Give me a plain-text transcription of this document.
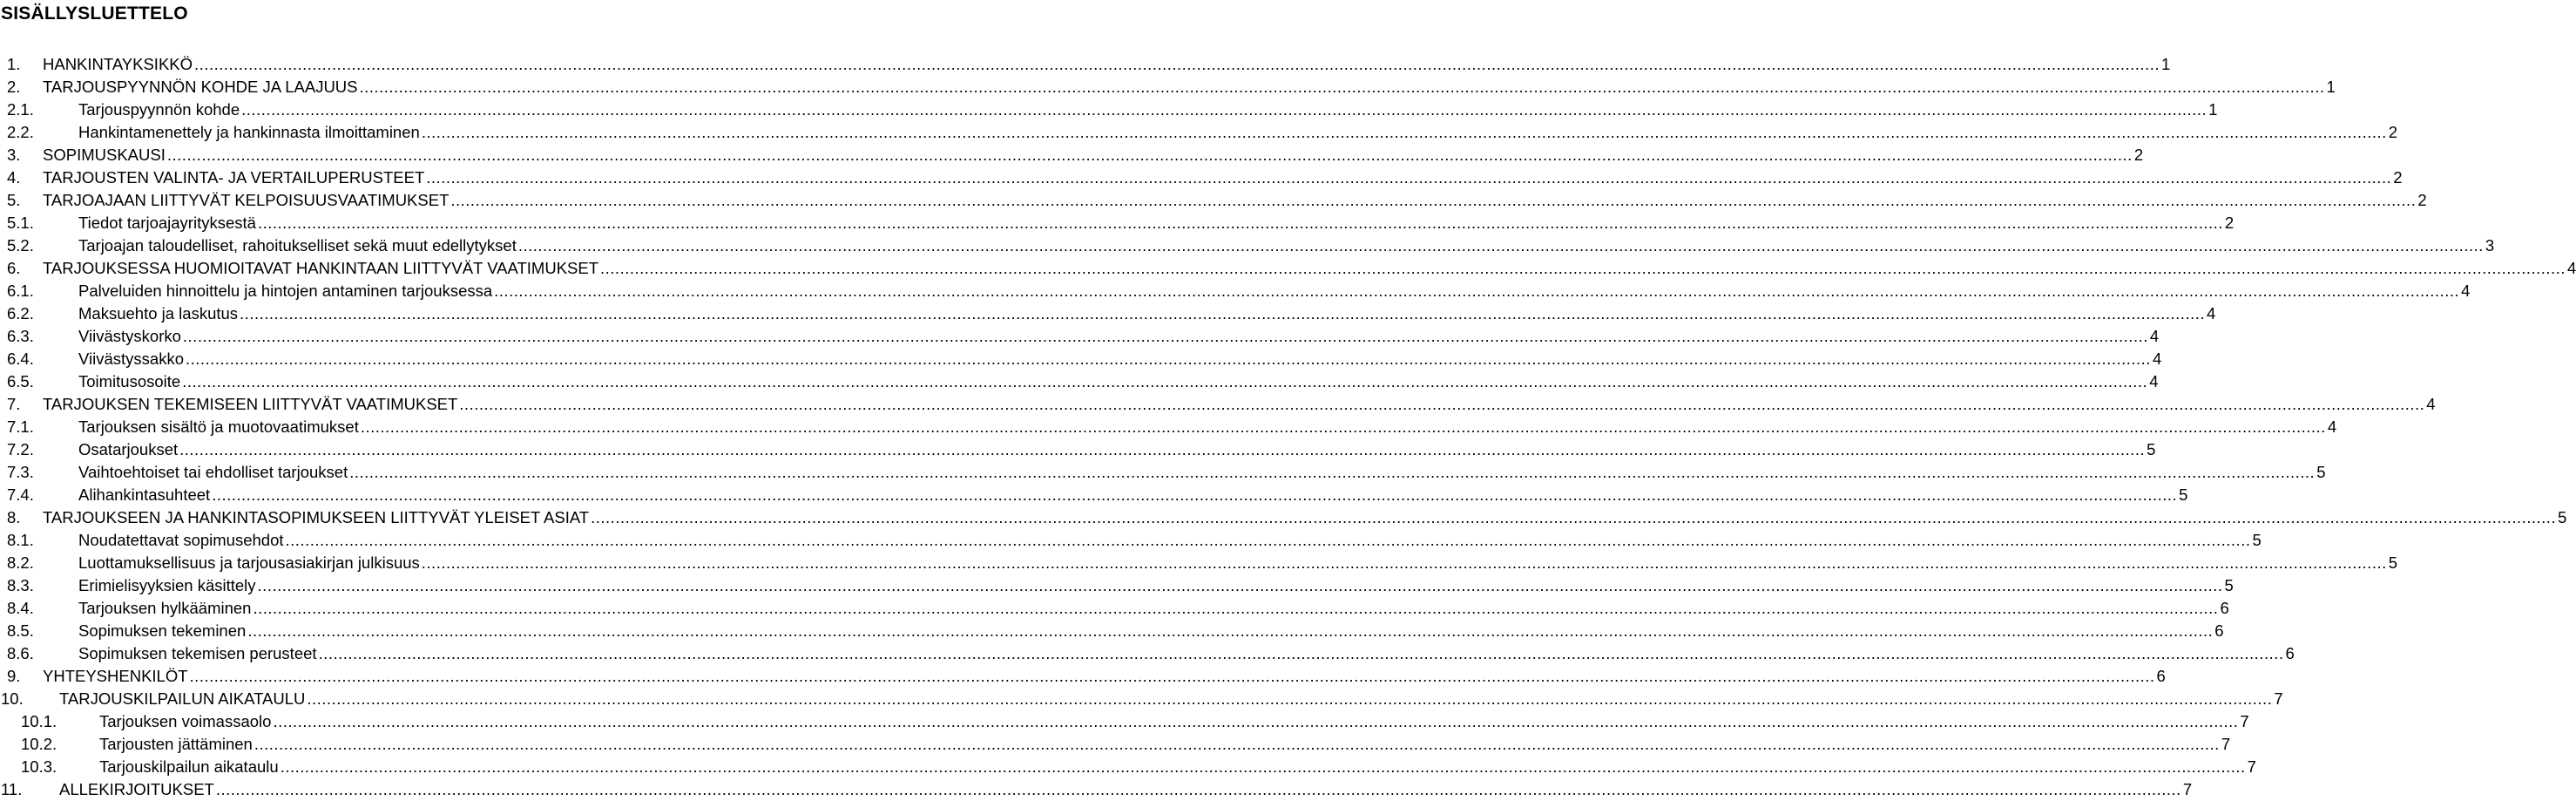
SISÄLLYSLUETTELO
1. HANKINTAYKSIKKÖ ................................................................................................................................................................................................................................................................................................................................................................................................................ 1
2. TARJOUSPYYNNÖN KOHDE JA LAAJUUS ................................................................................................................................................................................................................................................................................................................................................................................................................ 1
2.1.	Tarjouspyynnön kohde ................................................................................................................................................................................................................................................................................................................................................................................................................ 1
2.2.	Hankintamenettely ja hankinnasta ilmoittaminen ................................................................................................................................................................................................................................................................................................................................................................................................................ 2
3. SOPIMUSKAUSI ................................................................................................................................................................................................................................................................................................................................................................................................................ 2
4. TARJOUSTEN VALINTA- JA VERTAILUPERUSTEET ................................................................................................................................................................................................................................................................................................................................................................................................................ 2
5. TARJOAJAAN LIITTYVÄT KELPOISUUSVAATIMUKSET ................................................................................................................................................................................................................................................................................................................................................................................................................ 2
5.1.	Tiedot tarjoajayrityksestä ................................................................................................................................................................................................................................................................................................................................................................................................................ 2
5.2.	Tarjoajan taloudelliset, rahoitukselliset sekä muut edellytykset ................................................................................................................................................................................................................................................................................................................................................................................................................ 3
6. TARJOUKSESSA HUOMIOITAVAT HANKINTAAN LIITTYVÄT VAATIMUKSET ................................................................................................................................................................................................................................................................................................................................................................................................................ 4
6.1.	Palveluiden hinnoittelu ja hintojen antaminen tarjouksessa ................................................................................................................................................................................................................................................................................................................................................................................................................ 4
6.2.	Maksuehto ja laskutus ................................................................................................................................................................................................................................................................................................................................................................................................................ 4
6.3.	Viivästyskorko ................................................................................................................................................................................................................................................................................................................................................................................................................ 4
6.4.	Viivästyssakko ................................................................................................................................................................................................................................................................................................................................................................................................................ 4
6.5.	Toimitusosoite ................................................................................................................................................................................................................................................................................................................................................................................................................ 4
7. TARJOUKSEN TEKEMISEEN LIITTYVÄT VAATIMUKSET ................................................................................................................................................................................................................................................................................................................................................................................................................ 4
7.1.	Tarjouksen sisältö ja muotovaatimukset ................................................................................................................................................................................................................................................................................................................................................................................................................ 4
7.2.	Osatarjoukset ................................................................................................................................................................................................................................................................................................................................................................................................................ 5
7.3.	Vaihtoehtoiset tai ehdolliset tarjoukset ................................................................................................................................................................................................................................................................................................................................................................................................................ 5
7.4.	Alihankintasuhteet ................................................................................................................................................................................................................................................................................................................................................................................................................ 5
8. TARJOUKSEEN JA HANKINTASOPIMUKSEEN LIITTYVÄT YLEISET ASIAT ................................................................................................................................................................................................................................................................................................................................................................................................................ 5
8.1.	Noudatettavat sopimusehdot ................................................................................................................................................................................................................................................................................................................................................................................................................ 5
8.2.	Luottamuksellisuus ja tarjousasiakirjan julkisuus ................................................................................................................................................................................................................................................................................................................................................................................................................ 5
8.3.	Erimielisyyksien käsittely ................................................................................................................................................................................................................................................................................................................................................................................................................ 5
8.4.	Tarjouksen hylkääminen ................................................................................................................................................................................................................................................................................................................................................................................................................ 6
8.5.	Sopimuksen tekeminen ................................................................................................................................................................................................................................................................................................................................................................................................................ 6
8.6.	Sopimuksen tekemisen perusteet ................................................................................................................................................................................................................................................................................................................................................................................................................ 6
9. YHTEYSHENKILÖT ................................................................................................................................................................................................................................................................................................................................................................................................................ 6
10. TARJOUSKILPAILUN AIKATAULU ................................................................................................................................................................................................................................................................................................................................................................................................................ 7
10.1.	Tarjouksen voimassaolo ................................................................................................................................................................................................................................................................................................................................................................................................................ 7
10.2.	Tarjousten jättäminen ................................................................................................................................................................................................................................................................................................................................................................................................................ 7
10.3.	Tarjouskilpailun aikataulu ................................................................................................................................................................................................................................................................................................................................................................................................................ 7
11. ALLEKIRJOITUKSET ................................................................................................................................................................................................................................................................................................................................................................................................................ 7
